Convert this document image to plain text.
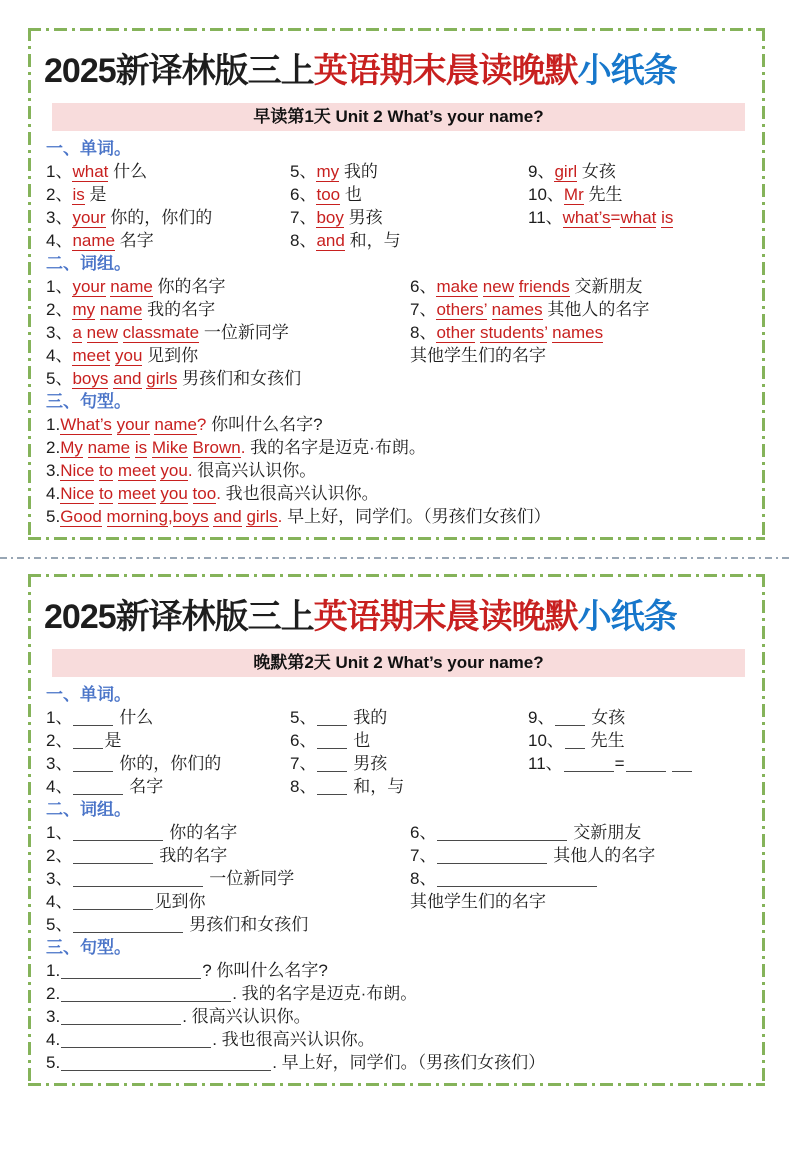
2025新译林版三上英语期末晨读晚默小纸条
早读第1天 Unit 2 What’s your name?
一、单词。
1、what 什么
2、is 是
3、your 你的，你们的
4、name 名字
5、my 我的
6、too 也
7、boy 男孩
8、and 和，与
9、girl 女孩
10、Mr 先生
11、what’s=what is
二、词组。
1、your name 你的名字
2、my name 我的名字
3、a new classmate 一位新同学
4、meet you 见到你
5、boys and girls 男孩们和女孩们
6、make new friends 交新朋友
7、others’ names 其他人的名字
8、other students’ names
其他学生们的名字
三、句型。
1.What’s your name? 你叫什么名字?
2.My name is Mike Brown. 我的名字是迈克·布朗。
3.Nice to meet you. 很高兴认识你。
4.Nice to meet you too. 我也很高兴认识你。
5.Good morning,boys and girls. 早上好，同学们。（男孩们女孩们）
2025新译林版三上英语期末晨读晚默小纸条
晚默第2天 Unit 2 What’s your name?
一、单词。
1、 什么
2、 是
3、 你的，你们的
4、	名字
5、 我的
6、 也
7、 男孩
8、 和，与
9、 女孩
10、 先生
11、	=
二、词组。
1、	你的名字
2、	我的名字
3、	一位新同学
4、	见到你
5、	男孩们和女孩们
6、	交新朋友
7、	其他人的名字
8、
其他学生们的名字
三、句型。
1.	? 你叫什么名字?
2.	. 我的名字是迈克·布朗。
3.	. 很高兴认识你。
4.	. 我也很高兴认识你。
5.	. 早上好，同学们。（男孩们女孩们）
